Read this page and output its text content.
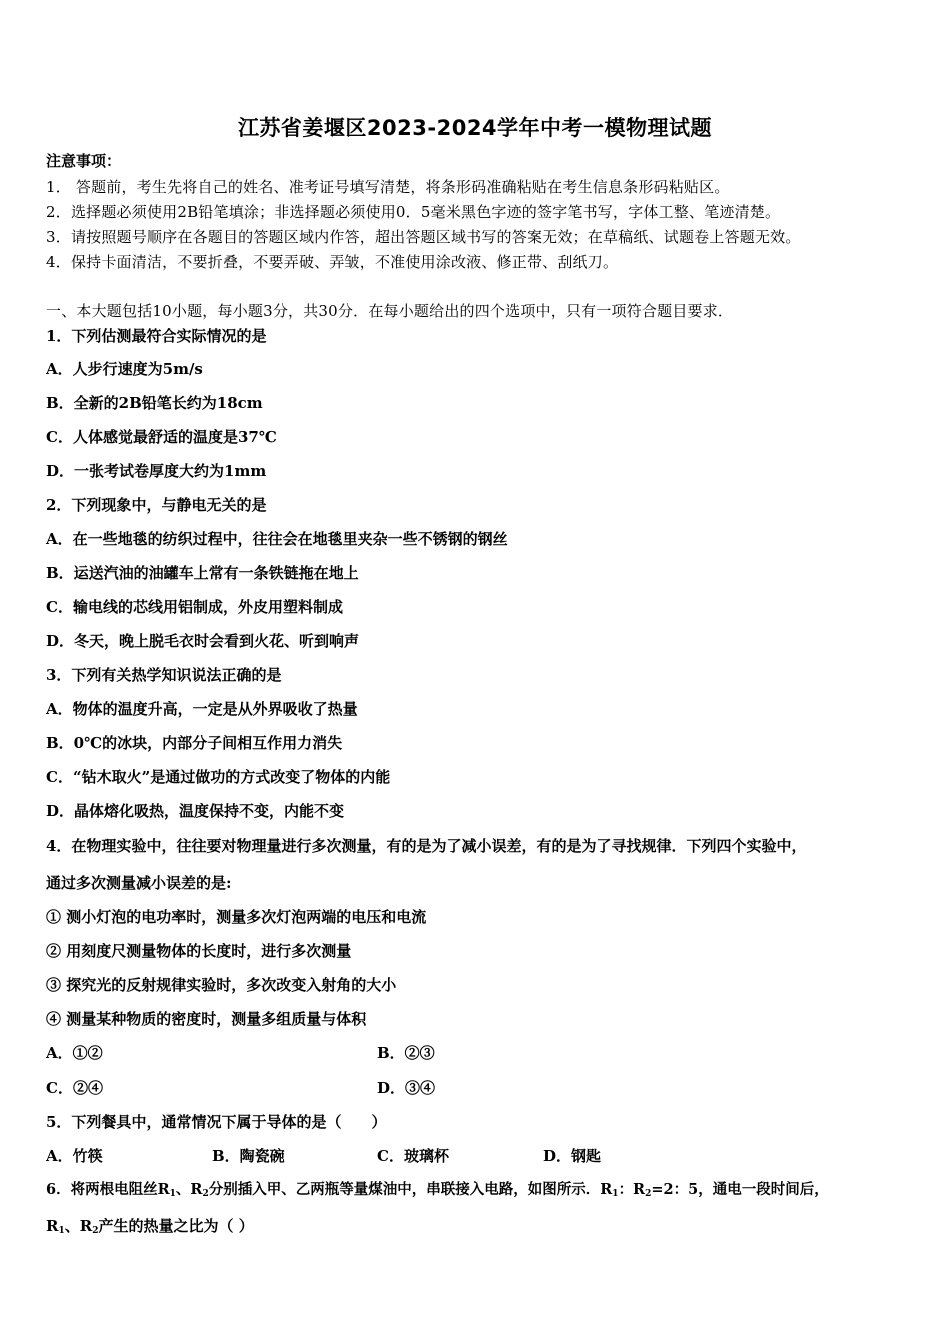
江苏省姜堰区2023-2024学年中考一模物理试题
注意事项：
1． 答题前，考生先将自己的姓名、准考证号填写清楚，将条形码准确粘贴在考生信息条形码粘贴区。
2．选择题必须使用2B铅笔填涂；非选择题必须使用0．5毫米黑色字迹的签字笔书写，字体工整、笔迹清楚。
3．请按照题号顺序在各题目的答题区域内作答，超出答题区域书写的答案无效；在草稿纸、试题卷上答题无效。
4．保持卡面清洁，不要折叠，不要弄破、弄皱，不准使用涂改液、修正带、刮纸刀。
一、本大题包括10小题，每小题3分，共30分．在每小题给出的四个选项中，只有一项符合题目要求．
1．下列估测最符合实际情况的是
A．人步行速度为5m/s
B．全新的2B铅笔长约为18cm
C．人体感觉最舒适的温度是37℃
D．一张考试卷厚度大约为1mm
2．下列现象中，与静电无关的是
A．在一些地毯的纺织过程中，往往会在地毯里夹杂一些不锈钢的钢丝
B．运送汽油的油罐车上常有一条铁链拖在地上
C．输电线的芯线用铝制成，外皮用塑料制成
D．冬天，晚上脱毛衣时会看到火花、听到响声
3．下列有关热学知识说法正确的是
A．物体的温度升高，一定是从外界吸收了热量
B．0℃的冰块，内部分子间相互作用力消失
C．“钻木取火”是通过做功的方式改变了物体的内能
D．晶体熔化吸热，温度保持不变，内能不变
4．在物理实验中，往往要对物理量进行多次测量，有的是为了减小误差，有的是为了寻找规律．下列四个实验中，
通过多次测量减小误差的是:
① 测小灯泡的电功率时，测量多次灯泡两端的电压和电流
② 用刻度尺测量物体的长度时，进行多次测量
③ 探究光的反射规律实验时，多次改变入射角的大小
④ 测量某种物质的密度时，测量多组质量与体积
A．①②	B．②③
C．②④	D．③④
5．下列餐具中，通常情况下属于导体的是（　　）
A．竹筷	B．陶瓷碗	C．玻璃杯	D．钢匙
6．将两根电阻丝$R_1$、$R_2$分别插入甲、乙两瓶等量煤油中，串联接入电路，如图所示．$R_1$：$R_2=2$：5，通电一段时间后，
$R_1$、$R_2$产生的热量之比为（ ）
